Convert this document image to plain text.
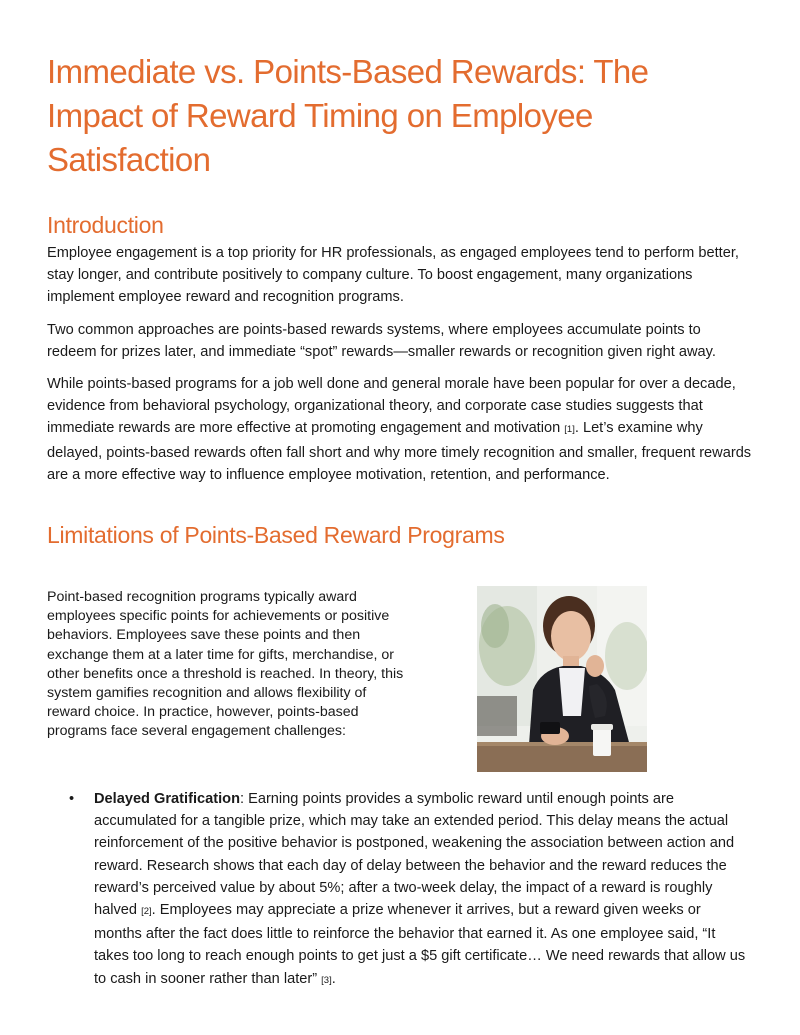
Immediate vs. Points-Based Rewards: The Impact of Reward Timing on Employee Satisfaction
Introduction

Employee engagement is a top priority for HR professionals, as engaged employees tend to perform better, stay longer, and contribute positively to company culture. To boost engagement, many organizations implement employee reward and recognition programs.

Two common approaches are points-based rewards systems, where employees accumulate points to redeem for prizes later, and immediate “spot” rewards—smaller rewards or recognition given right away.

While points-based programs for a job well done and general morale have been popular for over a decade, evidence from behavioral psychology, organizational theory, and corporate case studies suggests that immediate rewards are more effective at promoting engagement and motivation [1]. Let’s examine why delayed, points-based rewards often fall short and why more timely recognition and smaller, frequent rewards are a more effective way to influence employee motivation, retention, and performance.

Limitations of Points-Based Reward Programs

Point-based recognition programs typically award employees specific points for achievements or positive behaviors. Employees save these points and then exchange them at a later time for gifts, merchandise, or other benefits once a threshold is reached. In theory, this system gamifies recognition and allows flexibility of reward choice. In practice, however, points-based programs face several engagement challenges:

• Delayed Gratification: Earning points provides a symbolic reward until enough points are accumulated for a tangible prize, which may take an extended period. This delay means the actual reinforcement of the positive behavior is postponed, weakening the association between action and reward. Research shows that each day of delay between the behavior and the reward reduces the reward’s perceived value by about 5%; after a two-week delay, the impact of a reward is roughly halved [2]. Employees may appreciate a prize whenever it arrives, but a reward given weeks or months after the fact does little to reinforce the behavior that earned it. As one employee said, “It takes too long to reach enough points to get just a $5 gift certificate… We need rewards that allow us to cash in sooner rather than later” [3].
